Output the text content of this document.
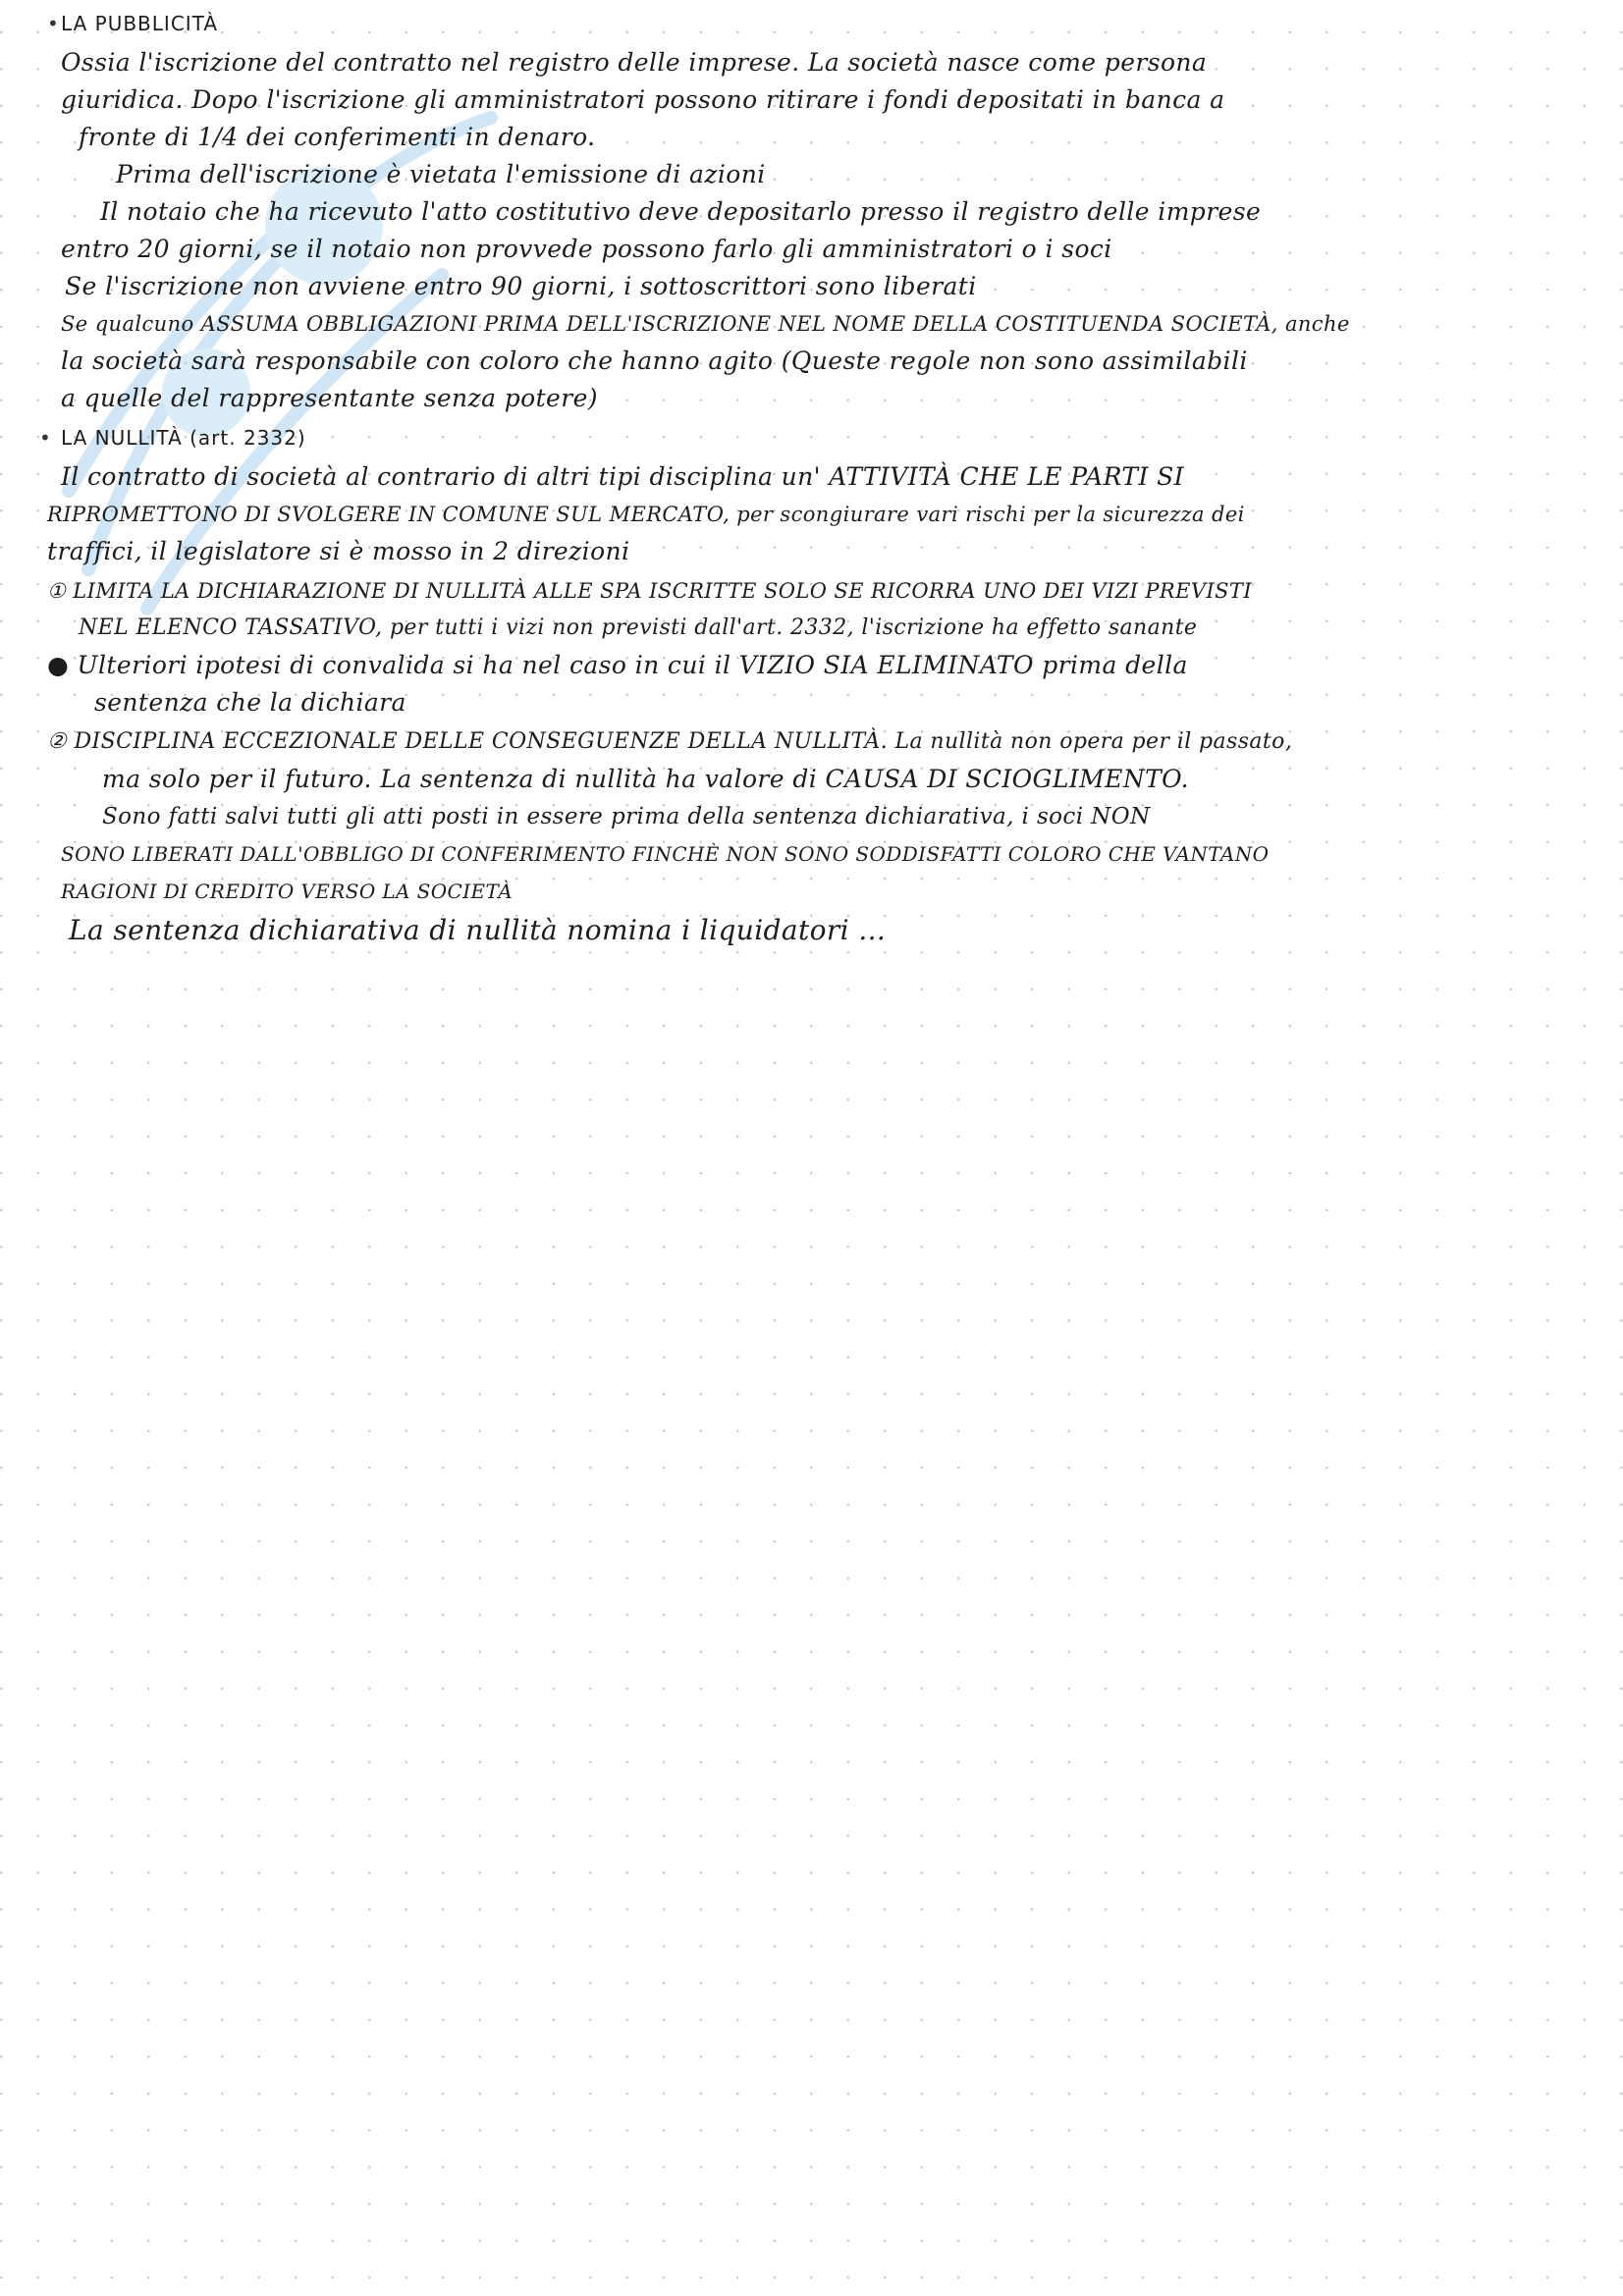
• LA PUBBLICITÀ
Ossia l'iscrizione del contratto nel registro delle imprese. La società nasce come persona
giuridica. Dopo l'iscrizione gli amministratori possono ritirare i fondi depositati in banca a
fronte di 1/4 dei conferimenti in denaro.
Prima dell'iscrizione è vietata l'emissione di azioni
Il notaio che ha ricevuto l'atto costitutivo deve depositarlo presso il registro delle imprese
entro 20 giorni, se il notaio non provvede possono farlo gli amministratori o i soci
Se l'iscrizione non avviene entro 90 giorni, i sottoscrittori sono liberati
Se qualcuno ASSUMA OBBLIGAZIONI PRIMA DELL'ISCRIZIONE NEL NOME DELLA COSTITUENDA SOCIETÀ, anche
la società sarà responsabile con coloro che hanno agito (Queste regole non sono assimilabili
a quelle del rappresentante senza potere)
• LA NULLITÀ (art. 2332)
Il contratto di società al contrario di altri tipi disciplina un' ATTIVITÀ CHE LE PARTI SI
RIPROMETTONO DI SVOLGERE IN COMUNE SUL MERCATO, per scongiurare vari rischi per la sicurezza dei
traffici, il legislatore si è mosso in 2 direzioni
① LIMITA LA DICHIARAZIONE DI NULLITÀ ALLE SPA ISCRITTE SOLO SE RICORRA UNO DEI VIZI PREVISTI
NEL ELENCO TASSATIVO, per tutti i vizi non previsti dall'art. 2332, l'iscrizione ha effetto sanante
● Ulteriori ipotesi di convalida si ha nel caso in cui il VIZIO SIA ELIMINATO prima della
sentenza che la dichiara
② DISCIPLINA ECCEZIONALE DELLE CONSEGUENZE DELLA NULLITÀ. La nullità non opera per il passato,
ma solo per il futuro. La sentenza di nullità ha valore di CAUSA DI SCIOGLIMENTO.
Sono fatti salvi tutti gli atti posti in essere prima della sentenza dichiarativa, i soci NON
SONO LIBERATI DALL'OBBLIGO DI CONFERIMENTO FINCHÈ NON SONO SODDISFATTI COLORO CHE VANTANO
RAGIONI DI CREDITO VERSO LA SOCIETÀ
La sentenza dichiarativa di nullità nomina i liquidatori ...
